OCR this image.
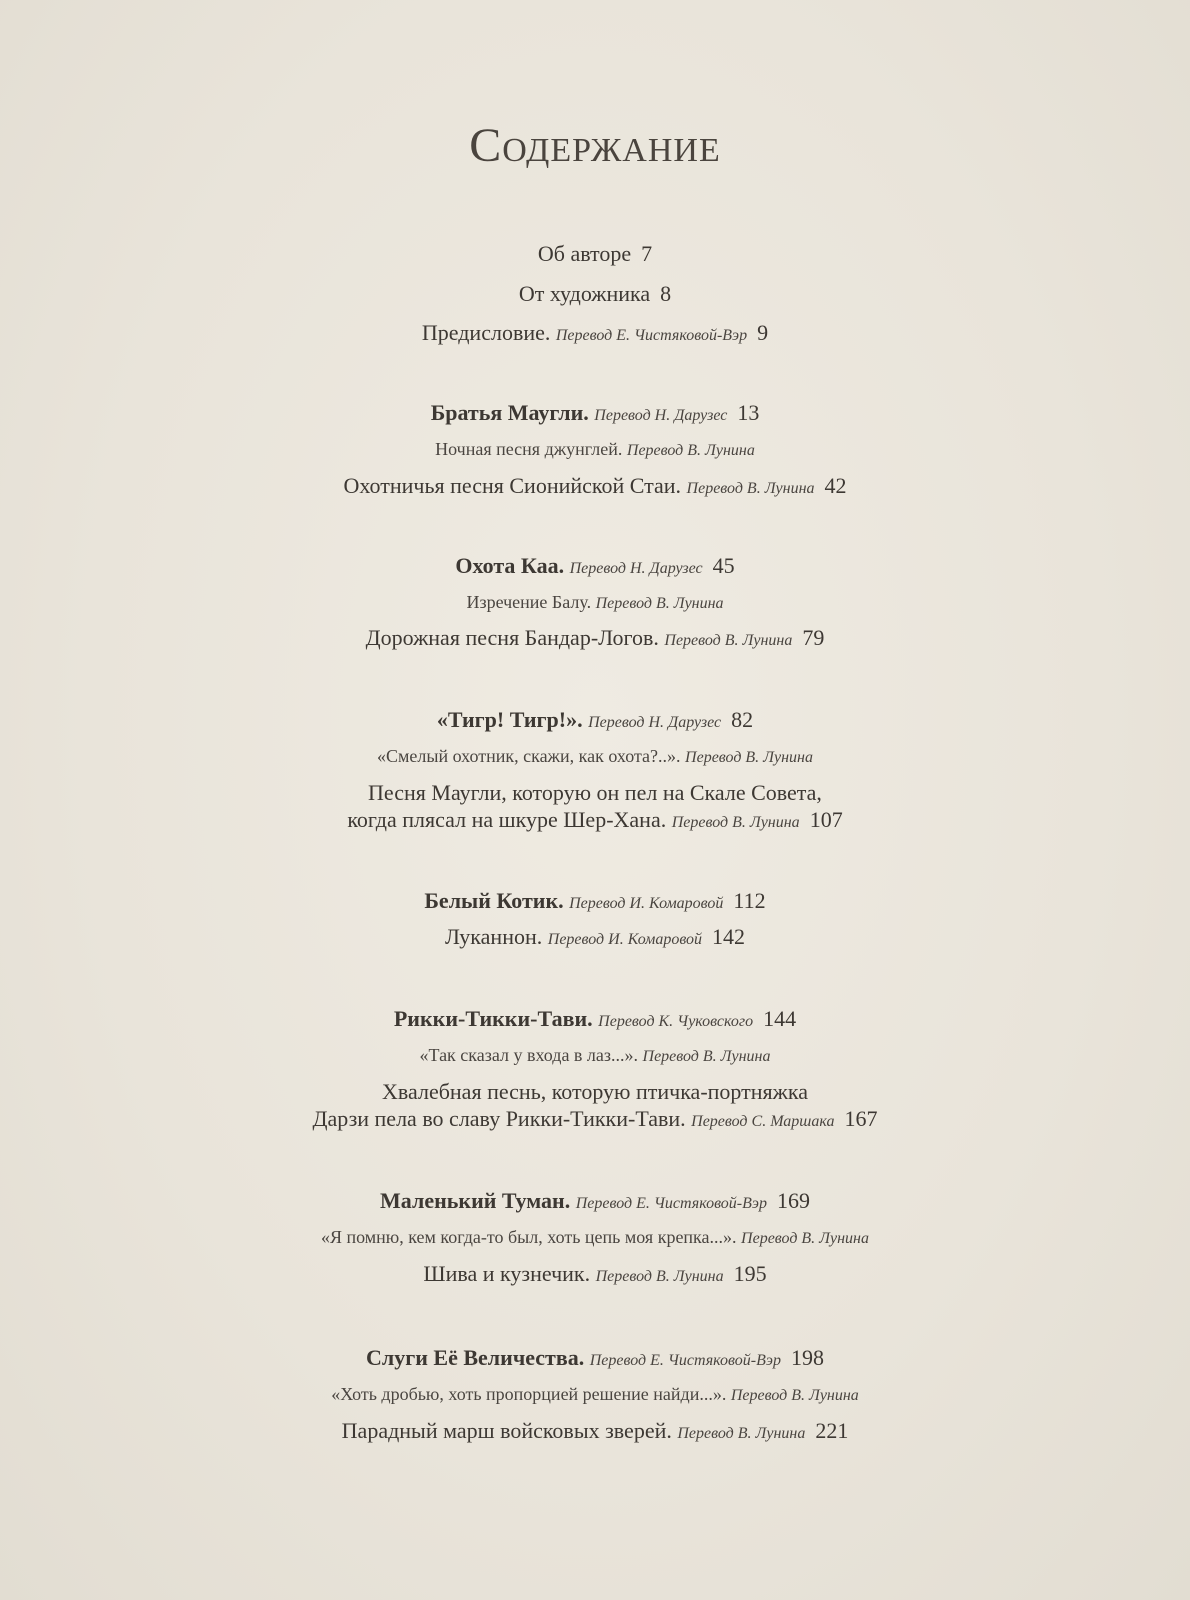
Содержание
Об авторе 7
От художника 8
Предисловие. Перевод Е. Чистяковой-Вэр 9
Братья Маугли. Перевод Н. Дарузес 13
Ночная песня джунглей. Перевод В. Лунина
Охотничья песня Сионийской Стаи. Перевод В. Лунина 42
Охота Каа. Перевод Н. Дарузес 45
Изречение Балу. Перевод В. Лунина
Дорожная песня Бандар-Логов. Перевод В. Лунина 79
«Тигр! Тигр!». Перевод Н. Дарузес 82
«Смелый охотник, скажи, как охота?..». Перевод В. Лунина
Песня Маугли, которую он пел на Скале Совета,
когда плясал на шкуре Шер-Хана. Перевод В. Лунина 107
Белый Котик. Перевод И. Комаровой 112
Луканнон. Перевод И. Комаровой 142
Рикки-Тикки-Тави. Перевод К. Чуковского 144
«Так сказал у входа в лаз...». Перевод В. Лунина
Хвалебная песнь, которую птичка-портняжка
Дарзи пела во славу Рикки-Тикки-Тави. Перевод С. Маршака 167
Маленький Туман. Перевод Е. Чистяковой-Вэр 169
«Я помню, кем когда-то был, хоть цепь моя крепка...». Перевод В. Лунина
Шива и кузнечик. Перевод В. Лунина 195
Слуги Её Величества. Перевод Е. Чистяковой-Вэр 198
«Хоть дробью, хоть пропорцией решение найди...». Перевод В. Лунина
Парадный марш войсковых зверей. Перевод В. Лунина 221
